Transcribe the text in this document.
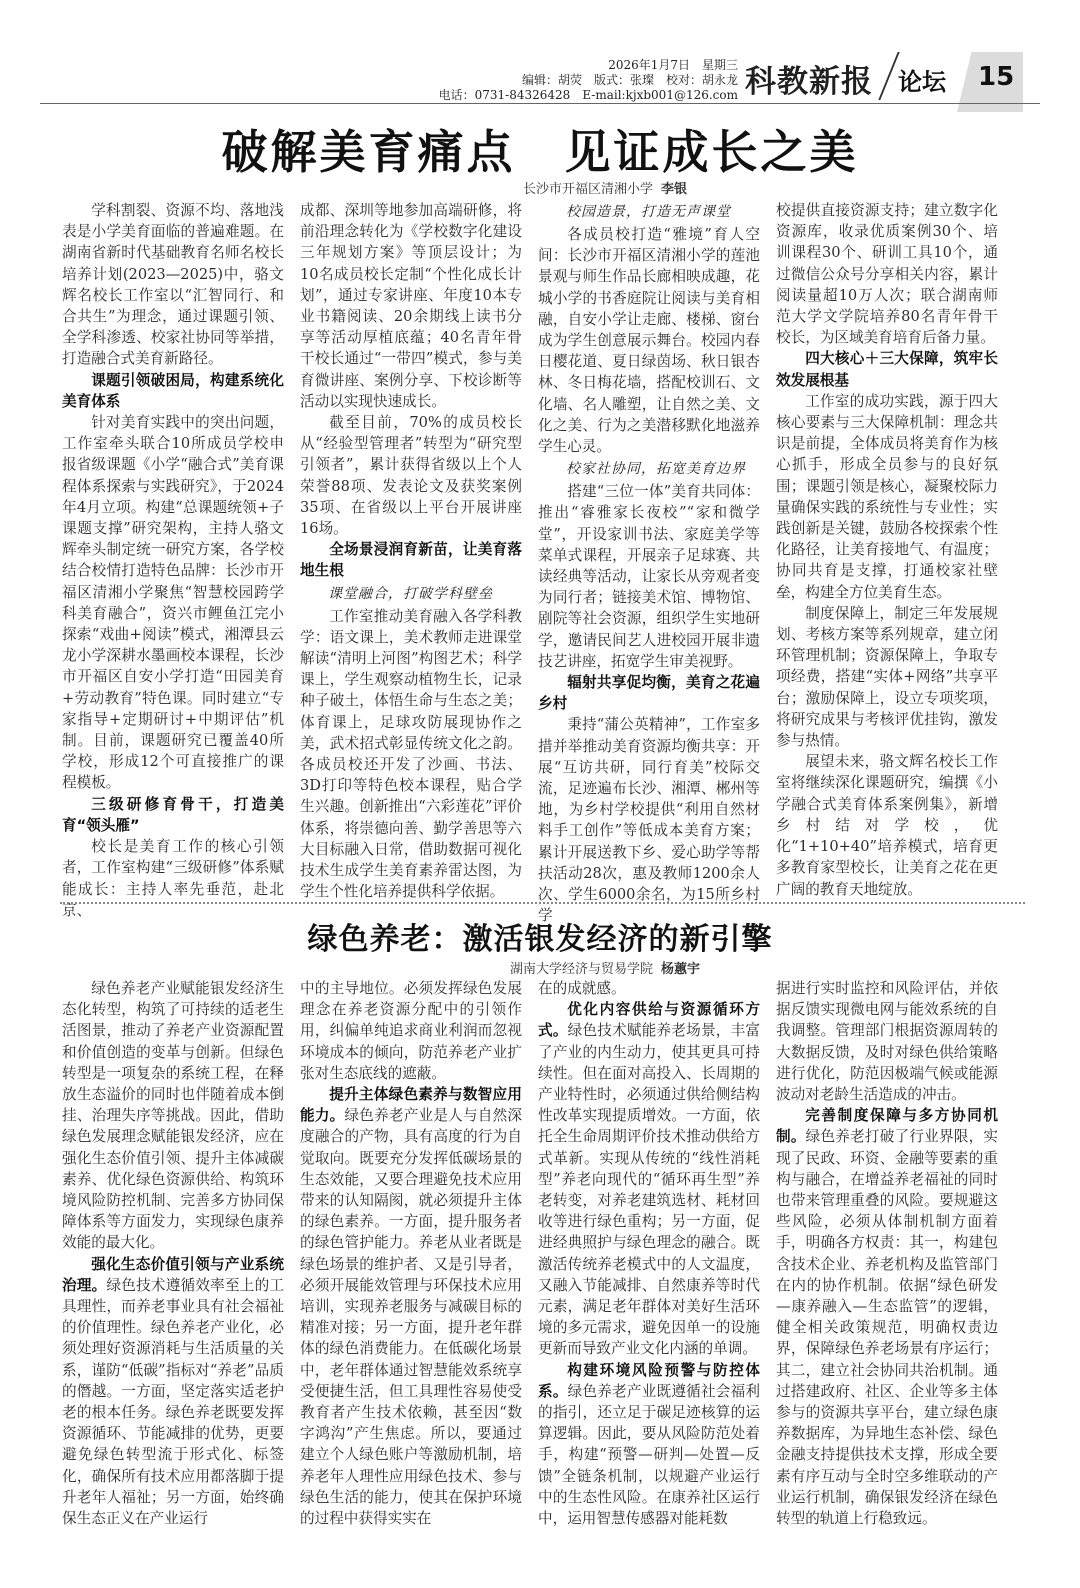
2026年1月7日　星期三
编辑：胡荧　版式：张璨　校对：胡永龙
电话：0731-84326428　E-mail:kjxb001@126.com 科教新报 论坛 15
破解美育痛点　见证成长之美
长沙市开福区清湘小学 李银

学科割裂、资源不均、落地浅表是小学美育面临的普遍难题。在湖南省新时代基础教育名师名校长培养计划(2023—2025)中，骆文辉名校长工作室以“汇智同行、和合共生”为理念，通过课题引领、全学科渗透、校家社协同等举措，打造融合式美育新路径。

课题引领破困局，构建系统化美育体系

针对美育实践中的突出问题，工作室牵头联合10所成员学校申报省级课题《小学“融合式”美育课程体系探索与实践研究》，于2024年4月立项。构建“总课题统领+子课题支撑”研究架构，主持人骆文辉牵头制定统一研究方案，各学校结合校情打造特色品牌：长沙市开福区清湘小学聚焦“智慧校园跨学科美育融合”，资兴市鲤鱼江完小探索“戏曲+阅读”模式，湘潭县云龙小学深耕水墨画校本课程，长沙市开福区自安小学打造“田园美育+劳动教育”特色课。同时建立“专家指导+定期研讨+中期评估”机制。目前，课题研究已覆盖40所学校，形成12个可直接推广的课程模板。

三级研修育骨干，打造美育“领头雁”

校长是美育工作的核心引领者，工作室构建“三级研修”体系赋能成长：主持人率先垂范，赴北京、

成都、深圳等地参加高端研修，将前沿理念转化为《学校数字化建设三年规划方案》等顶层设计；为10名成员校长定制“个性化成长计划”，通过专家讲座、年度10本专业书籍阅读、20余期线上读书分享等活动厚植底蕴；40名青年骨干校长通过“一带四”模式，参与美育微讲座、案例分享、下校诊断等活动以实现快速成长。

截至目前，70%的成员校长从“经验型管理者”转型为“研究型引领者”，累计获得省级以上个人荣誉88项、发表论文及获奖案例35项、在省级以上平台开展讲座16场。

全场景浸润育新苗，让美育落地生根
课堂融合，打破学科壁垒

工作室推动美育融入各学科教学：语文课上，美术教师走进课堂解读“清明上河图”构图艺术；科学课上，学生观察动植物生长，记录种子破土，体悟生命与生态之美；体育课上，足球攻防展现协作之美，武术招式彰显传统文化之韵。各成员校还开发了沙画、书法、3D打印等特色校本课程，贴合学生兴趣。创新推出“六彩莲花”评价体系，将崇德向善、勤学善思等六大目标融入日常，借助数据可视化技术生成学生美育素养雷达图，为学生个性化培养提供科学依据。

校园造景，打造无声课堂

各成员校打造“雅境”育人空间：长沙市开福区清湘小学的莲池景观与师生作品长廊相映成趣，花城小学的书香庭院让阅读与美育相融，自安小学让走廊、楼梯、窗台成为学生创意展示舞台。校园内春日樱花道、夏日绿茵场、秋日银杏林、冬日梅花墙，搭配校训石、文化墙、名人雕塑，让自然之美、文化之美、行为之美潜移默化地滋养学生心灵。

校家社协同，拓宽美育边界

搭建“三位一体”美育共同体：推出“睿雅家长夜校”“家和微学堂”，开设家训书法、家庭美学等菜单式课程，开展亲子足球赛、共读经典等活动，让家长从旁观者变为同行者；链接美术馆、博物馆、剧院等社会资源，组织学生实地研学，邀请民间艺人进校园开展非遗技艺讲座，拓宽学生审美视野。

辐射共享促均衡，美育之花遍乡村

秉持“蒲公英精神”，工作室多措并举推动美育资源均衡共享：开展“互访共研，同行育美”校际交流，足迹遍布长沙、湘潭、郴州等地，为乡村学校提供“利用自然材料手工创作”等低成本美育方案；累计开展送教下乡、爱心助学等帮扶活动28次，惠及教师1200余人次、学生6000余名，为15所乡村学

校提供直接资源支持；建立数字化资源库，收录优质案例30个、培训课程30个、研训工具10个，通过微信公众号分享相关内容，累计阅读量超10万人次；联合湖南师范大学文学院培养80名青年骨干校长，为区域美育培育后备力量。

四大核心＋三大保障，筑牢长效发展根基

工作室的成功实践，源于四大核心要素与三大保障机制：理念共识是前提，全体成员将美育作为核心抓手，形成全员参与的良好氛围；课题引领是核心，凝聚校际力量确保实践的系统性与专业性；实践创新是关键，鼓励各校探索个性化路径，让美育接地气、有温度；协同共育是支撑，打通校家社壁垒，构建全方位美育生态。

制度保障上，制定三年发展规划、考核方案等系列规章，建立闭环管理机制；资源保障上，争取专项经费，搭建“实体+网络”共享平台；激励保障上，设立专项奖项，将研究成果与考核评优挂钩，激发参与热情。

展望未来，骆文辉名校长工作室将继续深化课题研究，编撰《小学融合式美育体系案例集》，新增乡村结对学校，优化“1+10+40”培养模式，培育更多教育家型校长，让美育之花在更广阔的教育天地绽放。

绿色养老：激活银发经济的新引擎
湖南大学经济与贸易学院 杨蕙宇

绿色养老产业赋能银发经济生态化转型，构筑了可持续的适老生活图景，推动了养老产业资源配置和价值创造的变革与创新。但绿色转型是一项复杂的系统工程，在释放生态溢价的同时也伴随着成本倒挂、治理失序等挑战。因此，借助绿色发展理念赋能银发经济，应在强化生态价值引领、提升主体减碳素养、优化绿色资源供给、构筑环境风险防控机制、完善多方协同保障体系等方面发力，实现绿色康养效能的最大化。

强化生态价值引领与产业系统治理。绿色技术遵循效率至上的工具理性，而养老事业具有社会福祉的价值理性。绿色养老产业化，必须处理好资源消耗与生活质量的关系，谨防“低碳”指标对“养老”品质的僭越。一方面，坚定落实适老护老的根本任务。绿色养老既要发挥资源循环、节能减排的优势，更要避免绿色转型流于形式化、标签化，确保所有技术应用都落脚于提升老年人福祉；另一方面，始终确保生态正义在产业运行

中的主导地位。必须发挥绿色发展理念在养老资源分配中的引领作用，纠偏单纯追求商业利润而忽视环境成本的倾向，防范养老产业扩张对生态底线的遮蔽。

提升主体绿色素养与数智应用能力。绿色养老产业是人与自然深度融合的产物，具有高度的行为自觉取向。既要充分发挥低碳场景的生态效能，又要合理避免技术应用带来的认知隔阂，就必须提升主体的绿色素养。一方面，提升服务者的绿色管护能力。养老从业者既是绿色场景的维护者、又是引导者，必须开展能效管理与环保技术应用培训，实现养老服务与减碳目标的精准对接；另一方面，提升老年群体的绿色消费能力。在低碳化场景中，老年群体通过智慧能效系统享受便捷生活，但工具理性容易使受教育者产生技术依赖，甚至因“数字鸿沟”产生焦虑。所以，要通过建立个人绿色账户等激励机制，培养老年人理性应用绿色技术、参与绿色生活的能力，使其在保护环境的过程中获得实实在

在的成就感。

优化内容供给与资源循环方式。绿色技术赋能养老场景，丰富了产业的内生动力，使其更具可持续性。但在面对高投入、长周期的产业特性时，必须通过供给侧结构性改革实现提质增效。一方面，依托全生命周期评价技术推动供给方式革新。实现从传统的“线性消耗型”养老向现代的“循环再生型”养老转变，对养老建筑选材、耗材回收等进行绿色重构；另一方面，促进经典照护与绿色理念的融合。既激活传统养老模式中的人文温度，又融入节能减排、自然康养等时代元素，满足老年群体对美好生活环境的多元需求，避免因单一的设施更新而导致产业文化内涵的单调。

构建环境风险预警与防控体系。绿色养老产业既遵循社会福利的指引，还立足于碳足迹核算的运算逻辑。因此，要从风险防范处着手，构建“预警—研判—处置—反馈”全链条机制，以规避产业运行中的生态性风险。在康养社区运行中，运用智慧传感器对能耗数

据进行实时监控和风险评估，并依据反馈实现微电网与能效系统的自我调整。管理部门根据资源周转的大数据反馈，及时对绿色供给策略进行优化，防范因极端气候或能源波动对老龄生活造成的冲击。

完善制度保障与多方协同机制。绿色养老打破了行业界限，实现了民政、环资、金融等要素的重构与融合，在增益养老福祉的同时也带来管理重叠的风险。要规避这些风险，必须从体制机制方面着手，明确各方权责：其一，构建包含技术企业、养老机构及监管部门在内的协作机制。依据“绿色研发—康养融入—生态监管”的逻辑，健全相关政策规范，明确权责边界，保障绿色养老场景有序运行；其二，建立社会协同共治机制。通过搭建政府、社区、企业等多主体参与的资源共享平台，建立绿色康养数据库，为异地生态补偿、绿色金融支持提供技术支撑，形成全要素有序互动与全时空多维联动的产业运行机制，确保银发经济在绿色转型的轨道上行稳致远。
